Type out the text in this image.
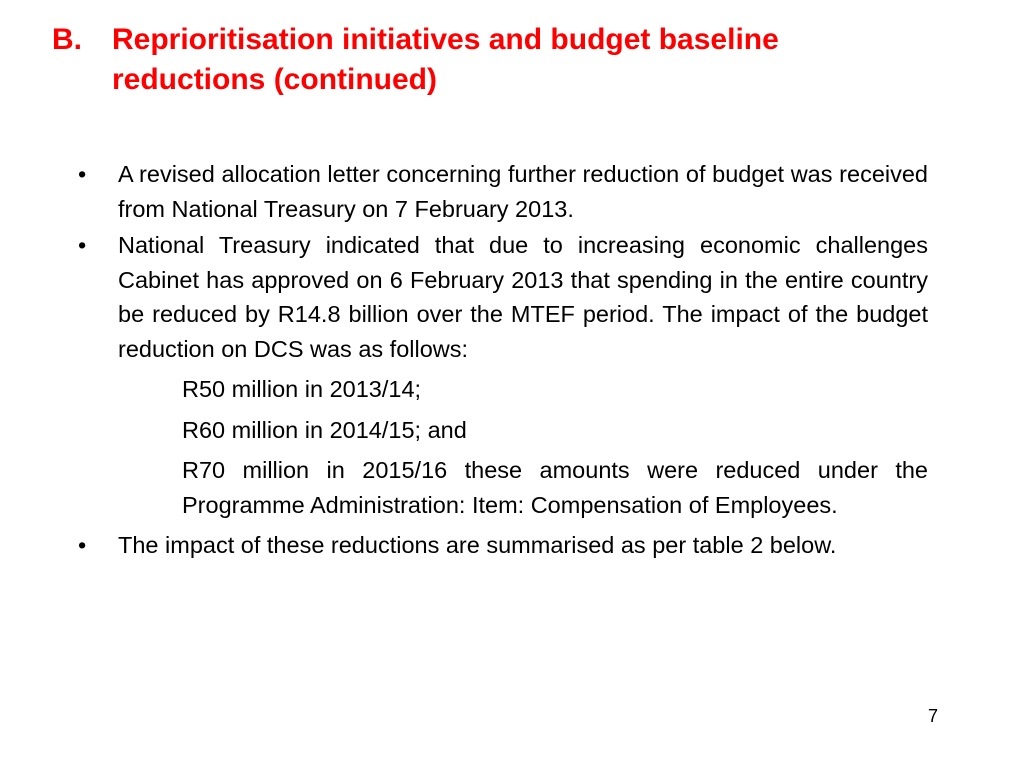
B.	Reprioritisation initiatives and budget baseline
reductions (continued)
•	A revised allocation letter concerning further reduction of budget was received from National Treasury on 7 February 2013.
•	National Treasury indicated that due to increasing economic challenges Cabinet has approved on 6 February 2013 that spending in the entire country be reduced by R14.8 billion over the MTEF period. The impact of the budget reduction on DCS was as follows:
R50 million in 2013/14;
R60 million in 2014/15; and
R70 million in 2015/16 these amounts were reduced under the Programme Administration: Item: Compensation of Employees.
•	The impact of these reductions are summarised as per table 2 below.
7
